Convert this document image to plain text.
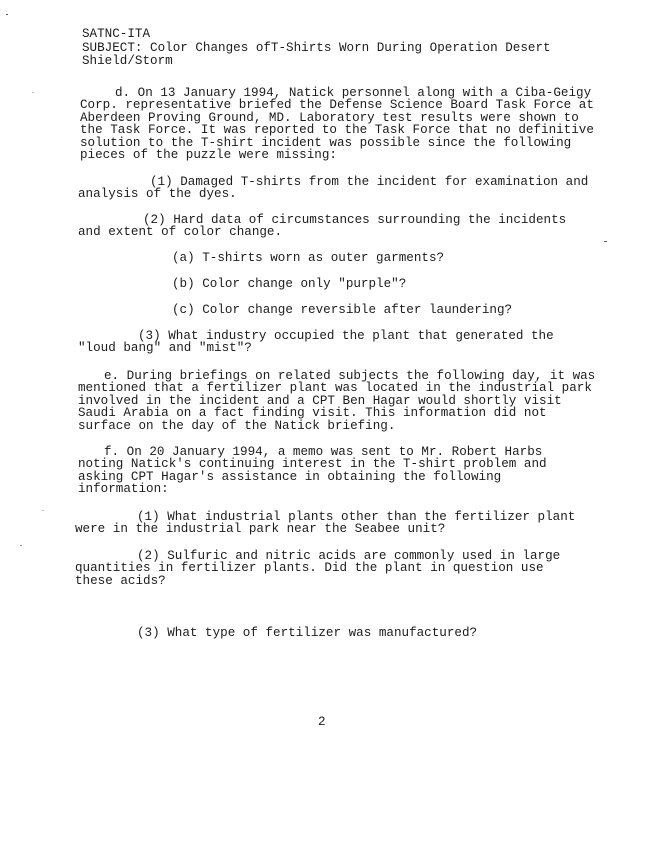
SATNC-ITA
SUBJECT: Color Changes ofT-Shirts Worn During Operation Desert
Shield/Storm
d. On 13 January 1994, Natick personnel along with a Ciba-Geigy Corp. representative briefed the Defense Science Board Task Force at Aberdeen Proving Ground, MD. Laboratory test results were shown to the Task Force. It was reported to the Task Force that no definitive solution to the T-shirt incident was possible since the following pieces of the puzzle were missing:
(1) Damaged T-shirts from the incident for examination and analysis of the dyes.
(2) Hard data of circumstances surrounding the incidents and extent of color change.
(a) T-shirts worn as outer garments?
(b) Color change only "purple"?
(c) Color change reversible after laundering?
(3) What industry occupied the plant that generated the "loud bang" and "mist"?
e. During briefings on related subjects the following day, it was mentioned that a fertilizer plant was located in the industrial park involved in the incident and a CPT Ben Hagar would shortly visit Saudi Arabia on a fact finding visit. This information did not surface on the day of the Natick briefing.
f. On 20 January 1994, a memo was sent to Mr. Robert Harbs noting Natick's continuing interest in the T-shirt problem and asking CPT Hagar's assistance in obtaining the following information:
(1) What industrial plants other than the fertilizer plant were in the industrial park near the Seabee unit?
(2) Sulfuric and nitric acids are commonly used in large quantities in fertilizer plants. Did the plant in question use these acids?
(3) What type of fertilizer was manufactured?
2
